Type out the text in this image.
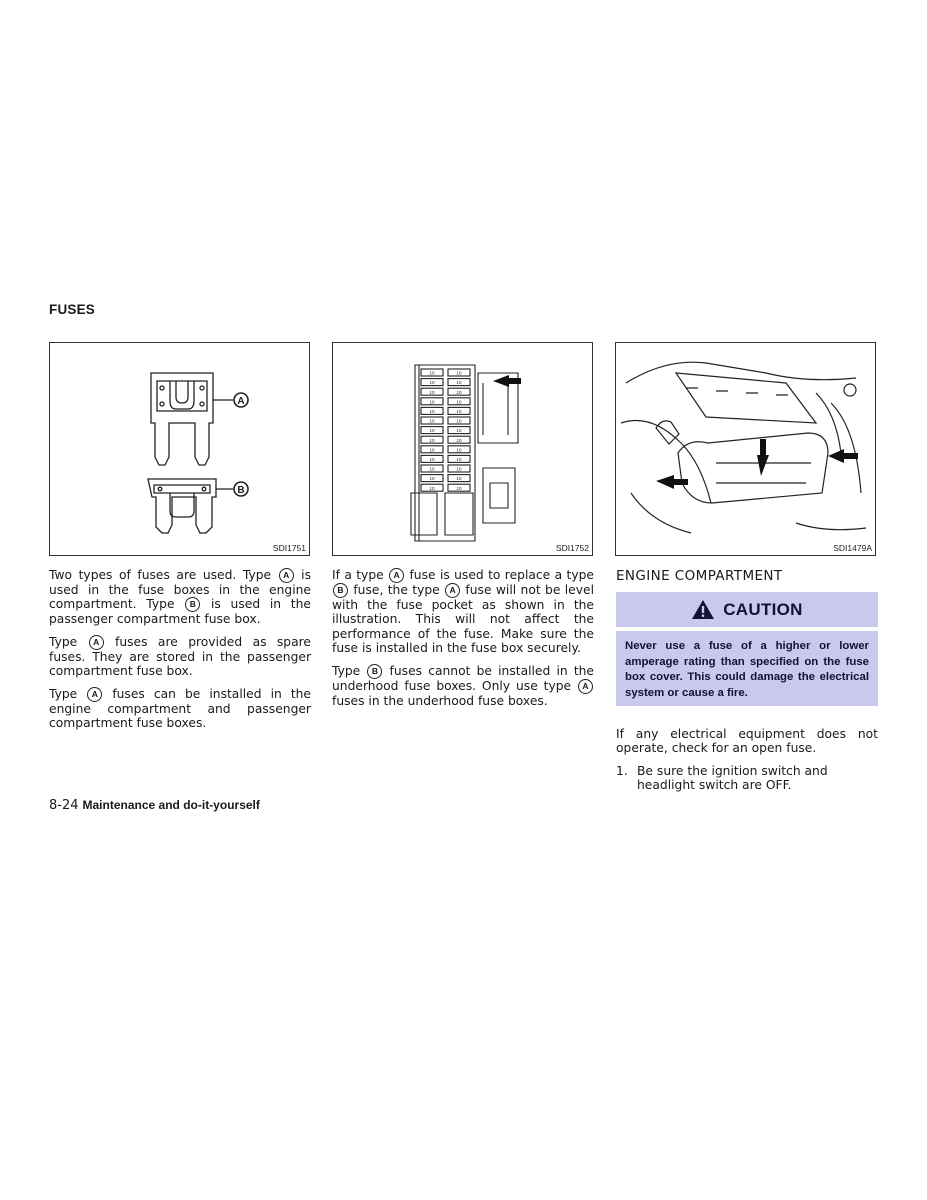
FUSES
A
B
SDI1751
10	10
10	10
10	10
10	10
10	10
10	10
10	10
10	10
10	10
10	10
10	10
10	10
10	10
SDI1752	SDI1479A

Two types of fuses are used. Type A is used in the fuse boxes in the engine compartment. Type B is used in the passenger compartment fuse box.

Type A fuses are provided as spare fuses. They are stored in the passenger compartment fuse box.

Type A fuses can be installed in the engine compartment and passenger compartment fuse boxes.

If a type A fuse is used to replace a type B fuse, the type A fuse will not be level with the fuse pocket as shown in the illustration. This will not affect the performance of the fuse. Make sure the fuse is installed in the fuse box securely.

Type B fuses cannot be installed in the underhood fuse boxes. Only use type A fuses in the underhood fuse boxes.

ENGINE COMPARTMENT
CAUTION
Never use a fuse of a higher or lower amperage rating than specified on the fuse box cover. This could damage the electrical system or cause a fire.

If any electrical equipment does not operate, check for an open fuse.

1. Be sure the ignition switch and headlight switch are OFF.
8-24 Maintenance and do-it-yourself
